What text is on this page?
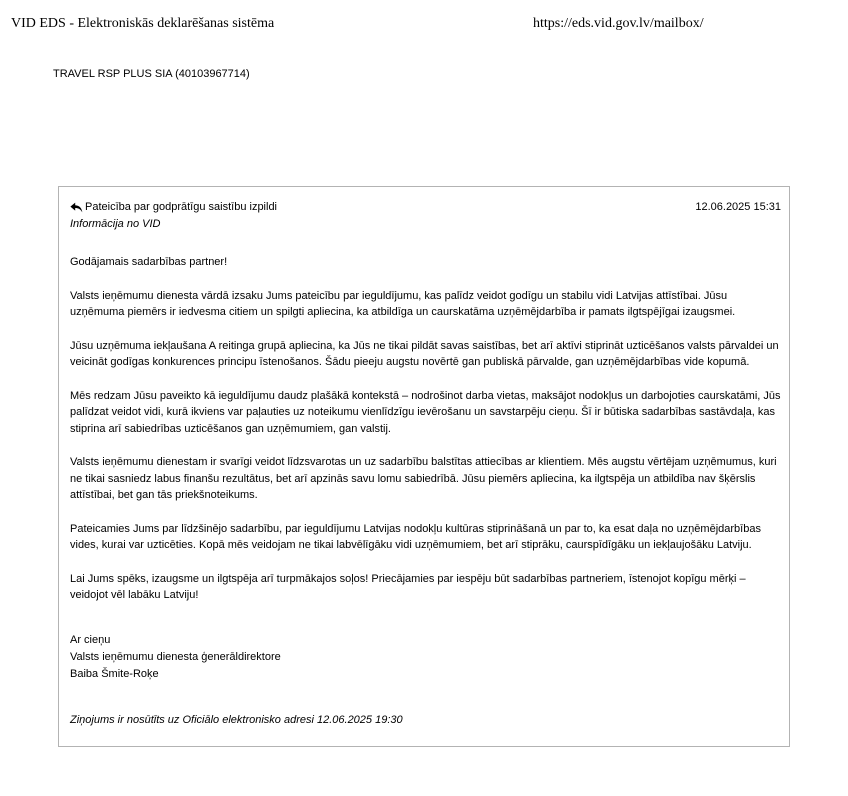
VID EDS - Elektroniskās deklarēšanas sistēma	https://eds.vid.gov.lv/mailbox/
TRAVEL RSP PLUS SIA (40103967714)
Pateicība par godprātīgu saistību izpildi	12.06.2025 15:31
Informācija no VID

Godājamais sadarbības partner!

Valsts ieņēmumu dienesta vārdā izsaku Jums pateicību par ieguldījumu, kas palīdz veidot godīgu un stabilu vidi Latvijas attīstībai. Jūsu uzņēmuma piemērs ir iedvesma citiem un spilgti apliecina, ka atbildīga un caurskatāma uzņēmējdarbība ir pamats ilgtspējīgai izaugsmei.

Jūsu uzņēmuma iekļaušana A reitinga grupā apliecina, ka Jūs ne tikai pildāt savas saistības, bet arī aktīvi stiprināt uzticēšanos valsts pārvaldei un veicināt godīgas konkurences principu īstenošanos. Šādu pieeju augstu novērtē gan publiskā pārvalde, gan uzņēmējdarbības vide kopumā.

Mēs redzam Jūsu paveikto kā ieguldījumu daudz plašākā kontekstā – nodrošinot darba vietas, maksājot nodokļus un darbojoties caurskatāmi, Jūs palīdzat veidot vidi, kurā ikviens var paļauties uz noteikumu vienlīdzīgu ievērošanu un savstarpēju cieņu. Šī ir būtiska sadarbības sastāvdaļa, kas stiprina arī sabiedrības uzticēšanos gan uzņēmumiem, gan valstij.

Valsts ieņēmumu dienestam ir svarīgi veidot līdzsvarotas un uz sadarbību balstītas attiecības ar klientiem. Mēs augstu vērtējam uzņēmumus, kuri ne tikai sasniedz labus finanšu rezultātus, bet arī apzinās savu lomu sabiedrībā. Jūsu piemērs apliecina, ka ilgtspēja un atbildība nav šķērslis attīstībai, bet gan tās priekšnoteikums.

Pateicamies Jums par līdzšinējo sadarbību, par ieguldījumu Latvijas nodokļu kultūras stiprināšanā un par to, ka esat daļa no uzņēmējdarbības vides, kurai var uzticēties. Kopā mēs veidojam ne tikai labvēlīgāku vidi uzņēmumiem, bet arī stiprāku, caurspīdīgāku un iekļaujošāku Latviju.

Lai Jums spēks, izaugsme un ilgtspēja arī turpmākajos soļos! Priecājamies par iespēju būt sadarbības partneriem, īstenojot kopīgu mērķi – veidojot vēl labāku Latviju!

Ar cieņu
Valsts ieņēmumu dienesta ģenerāldirektore
Baiba Šmite-Roķe
Ziņojums ir nosūtīts uz Oficiālo elektronisko adresi 12.06.2025 19:30
